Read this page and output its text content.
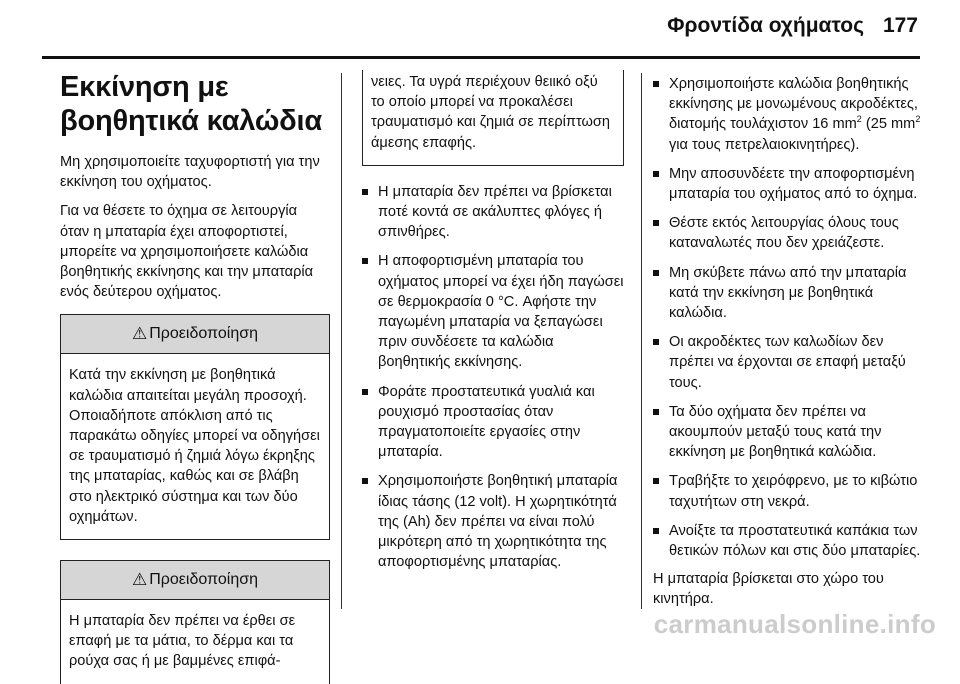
Φροντίδα οχήματος 177
Εκκίνηση με βοηθητικά καλώδια

Μη χρησιμοποιείτε ταχυφορτιστή για την εκκίνηση του οχήματος.

Για να θέσετε το όχημα σε λειτουργία όταν η μπαταρία έχει αποφορτιστεί, μπορείτε να χρησιμοποιήσετε καλώδια βοηθητικής εκκίνησης και την μπαταρία ενός δεύτερου οχήματος.

⚠ Προειδοποίηση
Κατά την εκκίνηση με βοηθητικά καλώδια απαιτείται μεγάλη προσοχή. Οποιαδήποτε απόκλιση από τις παρακάτω οδηγίες μπορεί να οδηγήσει σε τραυματισμό ή ζημιά λόγω έκρηξης της μπαταρίας, καθώς και σε βλάβη στο ηλεκτρικό σύστημα και των δύο οχημάτων.
⚠ Προειδοποίηση
Η μπαταρία δεν πρέπει να έρθει σε επαφή με τα μάτια, το δέρμα και τα ρούχα σας ή με βαμμένες επιφά-
νειες. Τα υγρά περιέχουν θειικό οξύ το οποίο μπορεί να προκαλέσει τραυματισμό και ζημιά σε περίπτωση άμεσης επαφής.
Η μπαταρία δεν πρέπει να βρίσκεται ποτέ κοντά σε ακάλυπτες φλόγες ή σπινθήρες.
Η αποφορτισμένη μπαταρία του οχήματος μπορεί να έχει ήδη παγώσει σε θερμοκρασία 0 °C. Αφήστε την παγωμένη μπαταρία να ξεπαγώσει πριν συνδέσετε τα καλώδια βοηθητικής εκκίνησης.
Φοράτε προστατευτικά γυαλιά και ρουχισμό προστασίας όταν πραγματοποιείτε εργασίες στην μπαταρία.
Χρησιμοποιήστε βοηθητική μπαταρία ίδιας τάσης (12 volt). Η χωρητικότητά της (Ah) δεν πρέπει να είναι πολύ μικρότερη από τη χωρητικότητα της αποφορτισμένης μπαταρίας.
Χρησιμοποιήστε καλώδια βοηθητικής εκκίνησης με μονωμένους ακροδέκτες, διατομής τουλάχιστον 16 $mm^2$ (25 $mm^2$ για τους πετρελαιοκινητήρες).
Μην αποσυνδέετε την αποφορτισμένη μπαταρία του οχήματος από το όχημα.
Θέστε εκτός λειτουργίας όλους τους καταναλωτές που δεν χρειάζεστε.
Μη σκύβετε πάνω από την μπαταρία κατά την εκκίνηση με βοηθητικά καλώδια.
Οι ακροδέκτες των καλωδίων δεν πρέπει να έρχονται σε επαφή μεταξύ τους.
Τα δύο οχήματα δεν πρέπει να ακουμπούν μεταξύ τους κατά την εκκίνηση με βοηθητικά καλώδια.
Τραβήξτε το χειρόφρενο, με το κιβώτιο ταχυτήτων στη νεκρά.
Ανοίξτε τα προστατευτικά καπάκια των θετικών πόλων και στις δύο μπαταρίες.

Η μπαταρία βρίσκεται στο χώρο του κινητήρα.

carmanualsonline.info
